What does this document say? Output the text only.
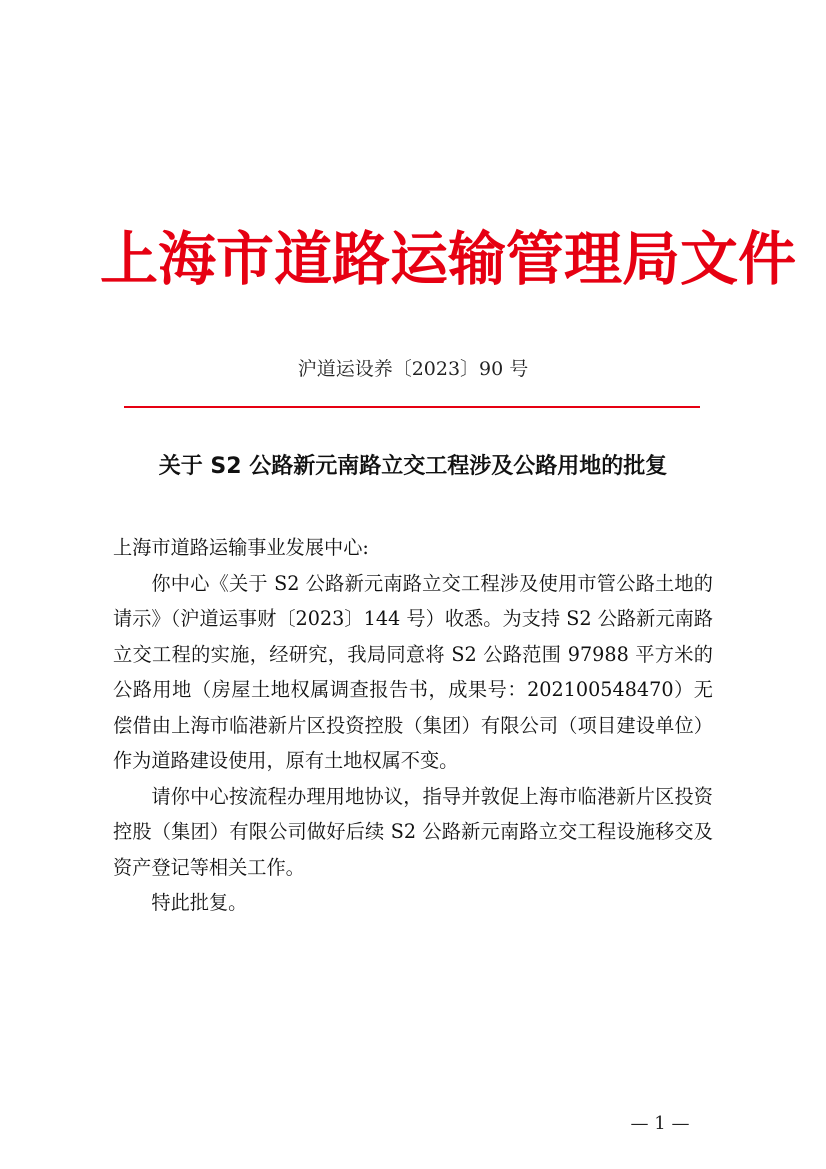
上海市道路运输管理局文件
沪道运设养〔2023〕90 号
关于 S2 公路新元南路立交工程涉及公路用地的批复

上海市道路运输事业发展中心:

你中心《关于 S2 公路新元南路立交工程涉及使用市管公路土地的请示》（沪道运事财〔2023〕144 号）收悉。为支持 S2 公路新元南路立交工程的实施，经研究，我局同意将 S2 公路范围 97988 平方米的公路用地（房屋土地权属调查报告书，成果号：202100548470）无偿借由上海市临港新片区投资控股（集团）有限公司（项目建设单位）作为道路建设使用，原有土地权属不变。

请你中心按流程办理用地协议，指导并敦促上海市临港新片区投资控股（集团）有限公司做好后续 S2 公路新元南路立交工程设施移交及资产登记等相关工作。

特此批复。

— 1 —
